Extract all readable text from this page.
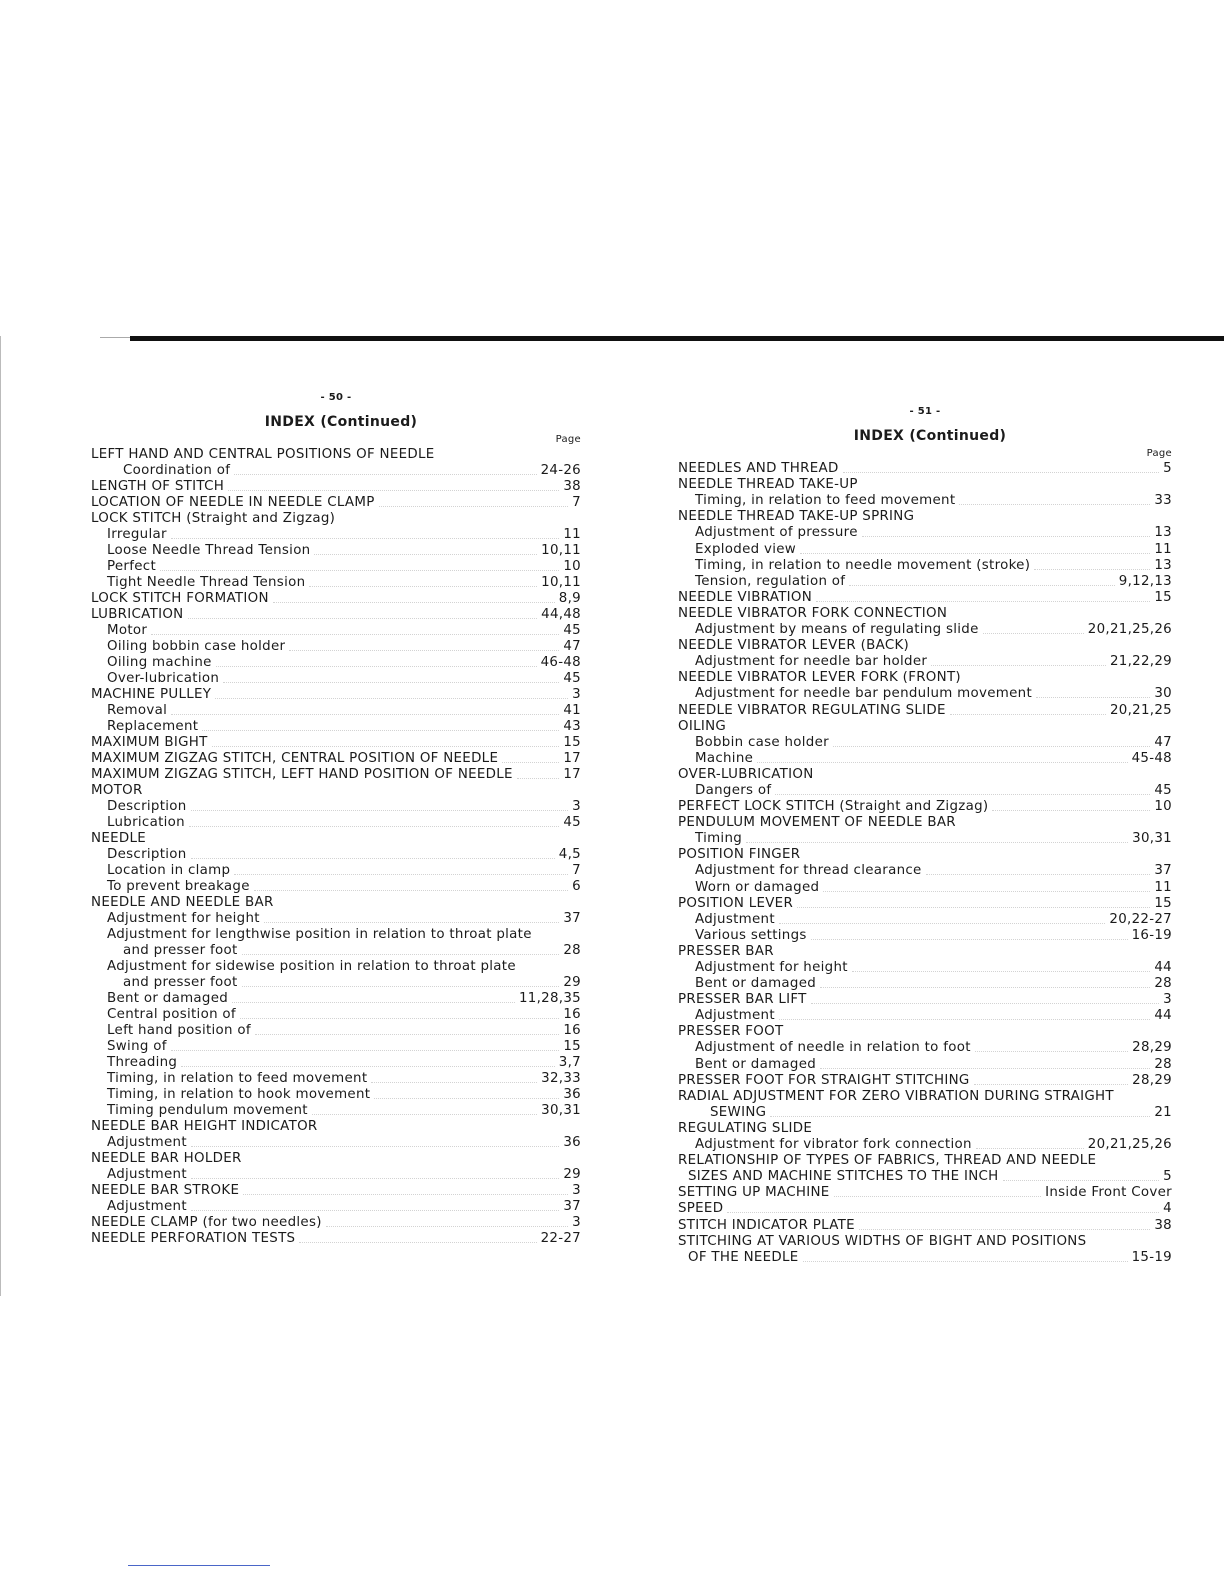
- 50 -
INDEX (Continued)
Page
LEFT HAND AND CENTRAL POSITIONS OF NEEDLE
Coordination of	24-26
LENGTH OF STITCH	38
LOCATION OF NEEDLE IN NEEDLE CLAMP	7
LOCK STITCH (Straight and Zigzag)
Irregular	11
Loose Needle Thread Tension	10,11
Perfect	10
Tight Needle Thread Tension	10,11
LOCK STITCH FORMATION	8,9
LUBRICATION	44,48
Motor	45
Oiling bobbin case holder	47
Oiling machine	46-48
Over-lubrication	45
MACHINE PULLEY	3
Removal	41
Replacement	43
MAXIMUM BIGHT	15
MAXIMUM ZIGZAG STITCH, CENTRAL POSITION OF NEEDLE	17
MAXIMUM ZIGZAG STITCH, LEFT HAND POSITION OF NEEDLE	17
MOTOR
Description	3
Lubrication	45
NEEDLE
Description	4,5
Location in clamp	7
To prevent breakage	6
NEEDLE AND NEEDLE BAR
Adjustment for height	37
Adjustment for lengthwise position in relation to throat plate
and presser foot	28
Adjustment for sidewise position in relation to throat plate
and presser foot	29
Bent or damaged	11,28,35
Central position of	16
Left hand position of	16
Swing of	15
Threading	3,7
Timing, in relation to feed movement	32,33
Timing, in relation to hook movement	36
Timing pendulum movement	30,31
NEEDLE BAR HEIGHT INDICATOR
Adjustment	36
NEEDLE BAR HOLDER
Adjustment	29
NEEDLE BAR STROKE	3
Adjustment	37
NEEDLE CLAMP (for two needles)	3
NEEDLE PERFORATION TESTS	22-27
- 51 -
INDEX (Continued)
Page
NEEDLES AND THREAD	5
NEEDLE THREAD TAKE-UP
Timing, in relation to feed movement	33
NEEDLE THREAD TAKE-UP SPRING
Adjustment of pressure	13
Exploded view	11
Timing, in relation to needle movement (stroke)	13
Tension, regulation of	9,12,13
NEEDLE VIBRATION	15
NEEDLE VIBRATOR FORK CONNECTION
Adjustment by means of regulating slide	20,21,25,26
NEEDLE VIBRATOR LEVER (BACK)
Adjustment for needle bar holder	21,22,29
NEEDLE VIBRATOR LEVER FORK (FRONT)
Adjustment for needle bar pendulum movement	30
NEEDLE VIBRATOR REGULATING SLIDE	20,21,25
OILING
Bobbin case holder	47
Machine	45-48
OVER-LUBRICATION
Dangers of	45
PERFECT LOCK STITCH (Straight and Zigzag)	10
PENDULUM MOVEMENT OF NEEDLE BAR
Timing	30,31
POSITION FINGER
Adjustment for thread clearance	37
Worn or damaged	11
POSITION LEVER	15
Adjustment	20,22-27
Various settings	16-19
PRESSER BAR
Adjustment for height	44
Bent or damaged	28
PRESSER BAR LIFT	3
Adjustment	44
PRESSER FOOT
Adjustment of needle in relation to foot	28,29
Bent or damaged	28
PRESSER FOOT FOR STRAIGHT STITCHING	28,29
RADIAL ADJUSTMENT FOR ZERO VIBRATION DURING STRAIGHT
SEWING	21
REGULATING SLIDE
Adjustment for vibrator fork connection	20,21,25,26
RELATIONSHIP OF TYPES OF FABRICS, THREAD AND NEEDLE
SIZES AND MACHINE STITCHES TO THE INCH	5
SETTING UP MACHINE	Inside Front Cover
SPEED	4
STITCH INDICATOR PLATE	38
STITCHING AT VARIOUS WIDTHS OF BIGHT AND POSITIONS
OF THE NEEDLE	15-19
